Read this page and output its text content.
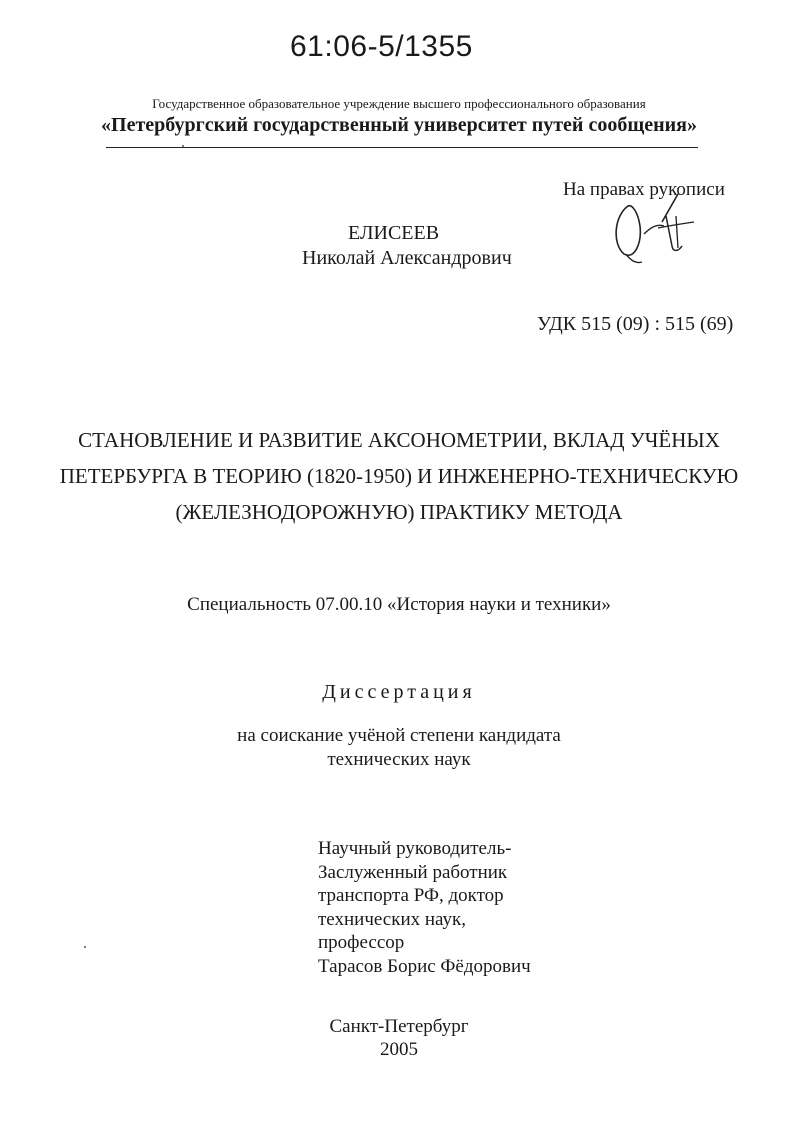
61:06-5/1355
Государственное образовательное учреждение высшего профессионального образования
«Петербургский государственный университет путей сообщения»
На правах рукописи
ЕЛИСЕЕВ
Николай Александрович
УДК 515 (09) : 515 (69)
СТАНОВЛЕНИЕ И РАЗВИТИЕ АКСОНОМЕТРИИ, ВКЛАД УЧЁНЫХ
ПЕТЕРБУРГА В ТЕОРИЮ (1820-1950) И ИНЖЕНЕРНО-ТЕХНИЧЕСКУЮ
(ЖЕЛЕЗНОДОРОЖНУЮ) ПРАКТИКУ МЕТОДА
Специальность 07.00.10 «История науки и техники»
Диссертация
на соискание учёной степени кандидата
технических наук
Научный руководитель-
Заслуженный работник
транспорта РФ, доктор
технических наук,
профессор
Тарасов Борис Фёдорович
Санкт-Петербург
2005
